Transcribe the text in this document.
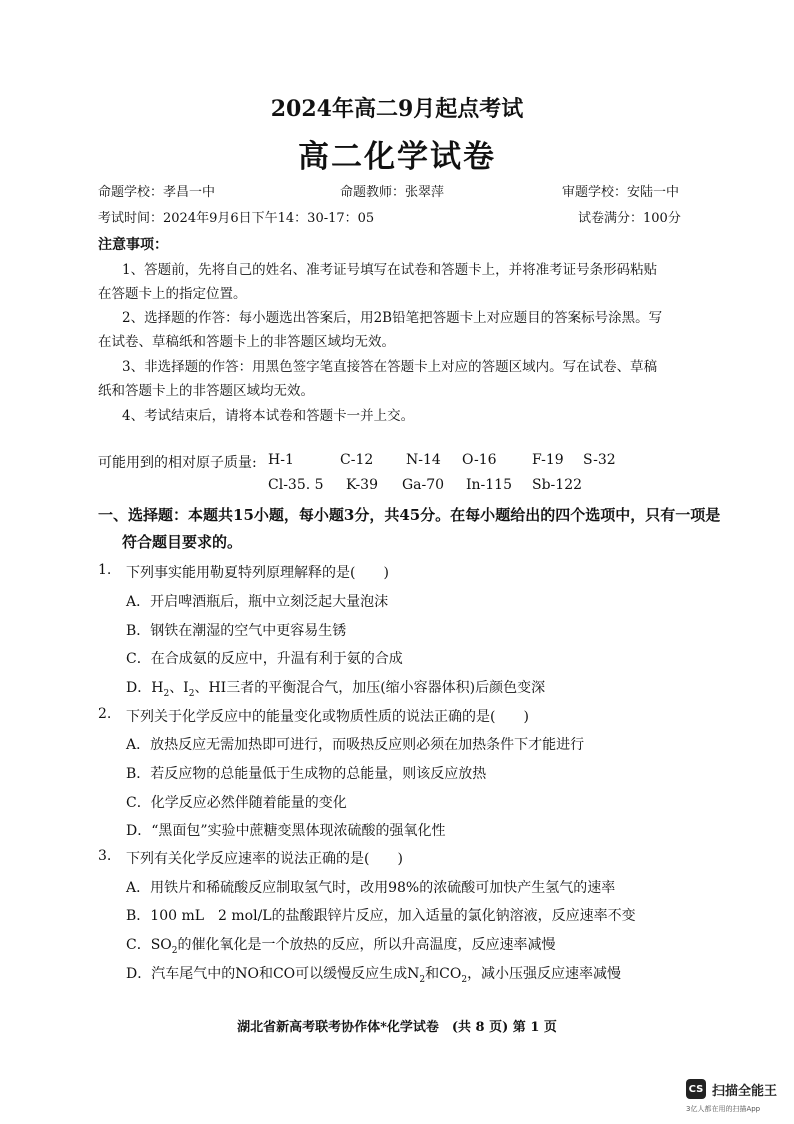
2024年高二9月起点考试
高二化学试卷
命题学校：孝昌一中	命题教师：张翠萍	审题学校：安陆一中
考试时间：2024年9月6日下午14：30-17：05	试卷满分：100分
注意事项：
1、答题前，先将自己的姓名、准考证号填写在试卷和答题卡上，并将准考证号条形码粘贴
在答题卡上的指定位置。
2、选择题的作答：每小题选出答案后，用2B铅笔把答题卡上对应题目的答案标号涂黑。写
在试卷、草稿纸和答题卡上的非答题区域均无效。
3、非选择题的作答：用黑色签字笔直接答在答题卡上对应的答题区域内。写在试卷、草稿
纸和答题卡上的非答题区域均无效。
4、考试结束后，请将本试卷和答题卡一并上交。
可能用到的相对原子质量: H-1	C-12 N-14 O-16	F-19 S-32
Cl-35. 5 K-39 Ga-70 In-115 Sb-122
一、选择题：本题共15小题，每小题3分，共45分。在每小题给出的四个选项中，只有一项是
符合题目要求的。
1. 下列事实能用勒夏特列原理解释的是(　　)
A．开启啤酒瓶后，瓶中立刻泛起大量泡沫
B．钢铁在潮湿的空气中更容易生锈
C．在合成氨的反应中，升温有利于氨的合成
D．$H_2$、$I_2$、HI三者的平衡混合气，加压(缩小容器体积)后颜色变深
2. 下列关于化学反应中的能量变化或物质性质的说法正确的是(　　)
A．放热反应无需加热即可进行，而吸热反应则必须在加热条件下才能进行
B．若反应物的总能量低于生成物的总能量，则该反应放热
C．化学反应必然伴随着能量的变化
D．“黑面包”实验中蔗糖变黑体现浓硫酸的强氧化性
3. 下列有关化学反应速率的说法正确的是(　　)
A．用铁片和稀硫酸反应制取氢气时，改用98%的浓硫酸可加快产生氢气的速率
B．100 mL　2 mol/L的盐酸跟锌片反应，加入适量的氯化钠溶液，反应速率不变
C．$SO_2$的催化氧化是一个放热的反应，所以升高温度，反应速率减慢
D．汽车尾气中的NO和CO可以缓慢反应生成$N_2$和$CO_2$，减小压强反应速率减慢
湖北省新高考联考协作体*化学试卷　(共 8 页) 第 1 页
CS 扫描全能王
3亿人都在用的扫描App
